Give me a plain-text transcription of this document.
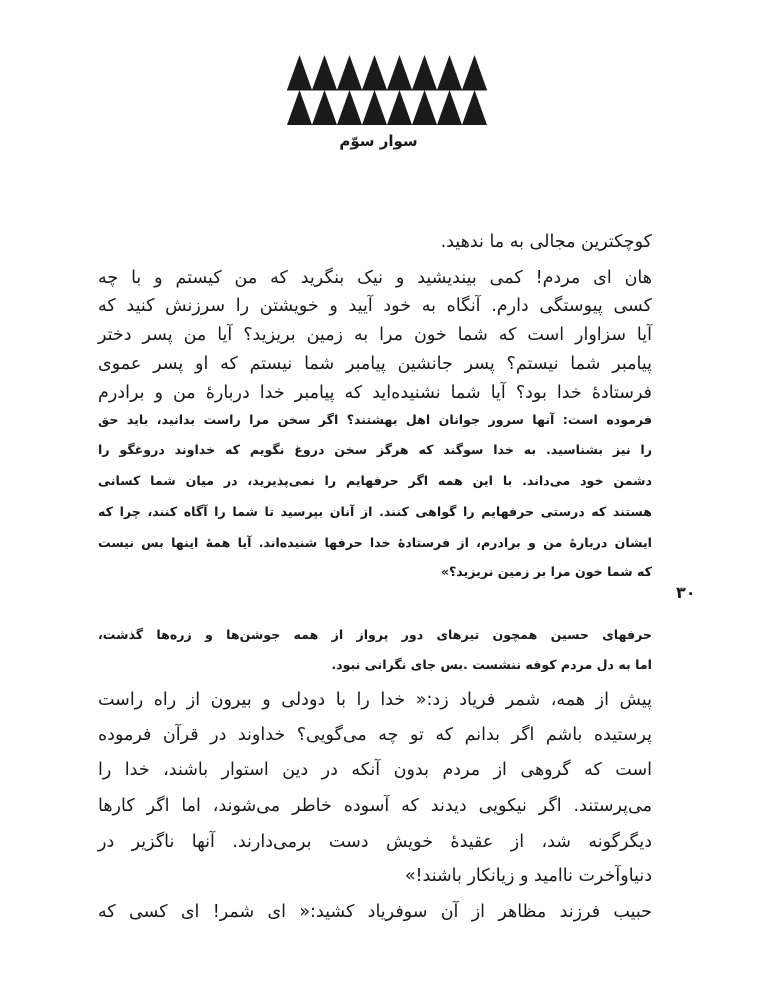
سوار سوّم
کوچکترین مجالی به ما ندهید.
هان ای مردم! کمی بیندیشید و نیک بنگرید که من کیستم و با چه
کسی پیوستگی دارم. آنگاه به خود آیید و خویشتن را سرزنش کنید که
آیا سزاوار است که شما خون مرا به زمین بریزید؟ آیا من پسر دختر
پیامبر شما نیستم؟ پسر جانشین پیامبر شما نیستم که او پسر عموی
فرستادهٔ خدا بود؟ آیا شما نشنیده‌اید که پیامبر خدا دربارهٔ من و برادرم
فرموده است: آنها سرور جوانان اهل بهشتند؟ اگر سخن مرا راست بدانید، باید حق
را نیز بشناسید. به خدا سوگند که هرگز سخن دروغ نگویم که خداوند دروغگو را
دشمن خود می‌داند. با این همه اگر حرفهایم را نمی‌پذیرید، در میان شما کسانی
هستند که درستی حرفهایم را گواهی کنند. از آنان بپرسید تا شما را آگاه کنند، چرا که
ایشان دربارهٔ من و برادرم، از فرستادهٔ خدا حرفها شنیده‌اند. آیا همهٔ اینها بس نیست
که شما خون مرا بر زمین نریزید؟»
۳۰
حرفهای حسین همچون تیرهای دور پرواز از همه جوشن‌ها و زره‌ها گذشت،
اما به دل مردم کوفه ننشست .بس جای نگرانی نبود.
پیش از همه، شمر فریاد زد:« خدا را با دودلی و بیرون از راه راست
پرستیده باشم اگر بدانم که تو چه می‌گویی؟ خداوند در قرآن فرموده
است که گروهی از مردم بدون آنکه در دین استوار باشند، خدا را
می‌پرستند. اگر نیکویی دیدند که آسوده خاطر می‌شوند، اما اگر کارها
دیگرگونه شد، از عقیدهٔ خویش دست برمی‌دارند. آنها ناگزیر در
دنیاوآخرت ناامید و زیانکار باشند!»
حبیب فرزند مظاهر از آن سوفریاد کشید:« ای شمر! ای کسی که
